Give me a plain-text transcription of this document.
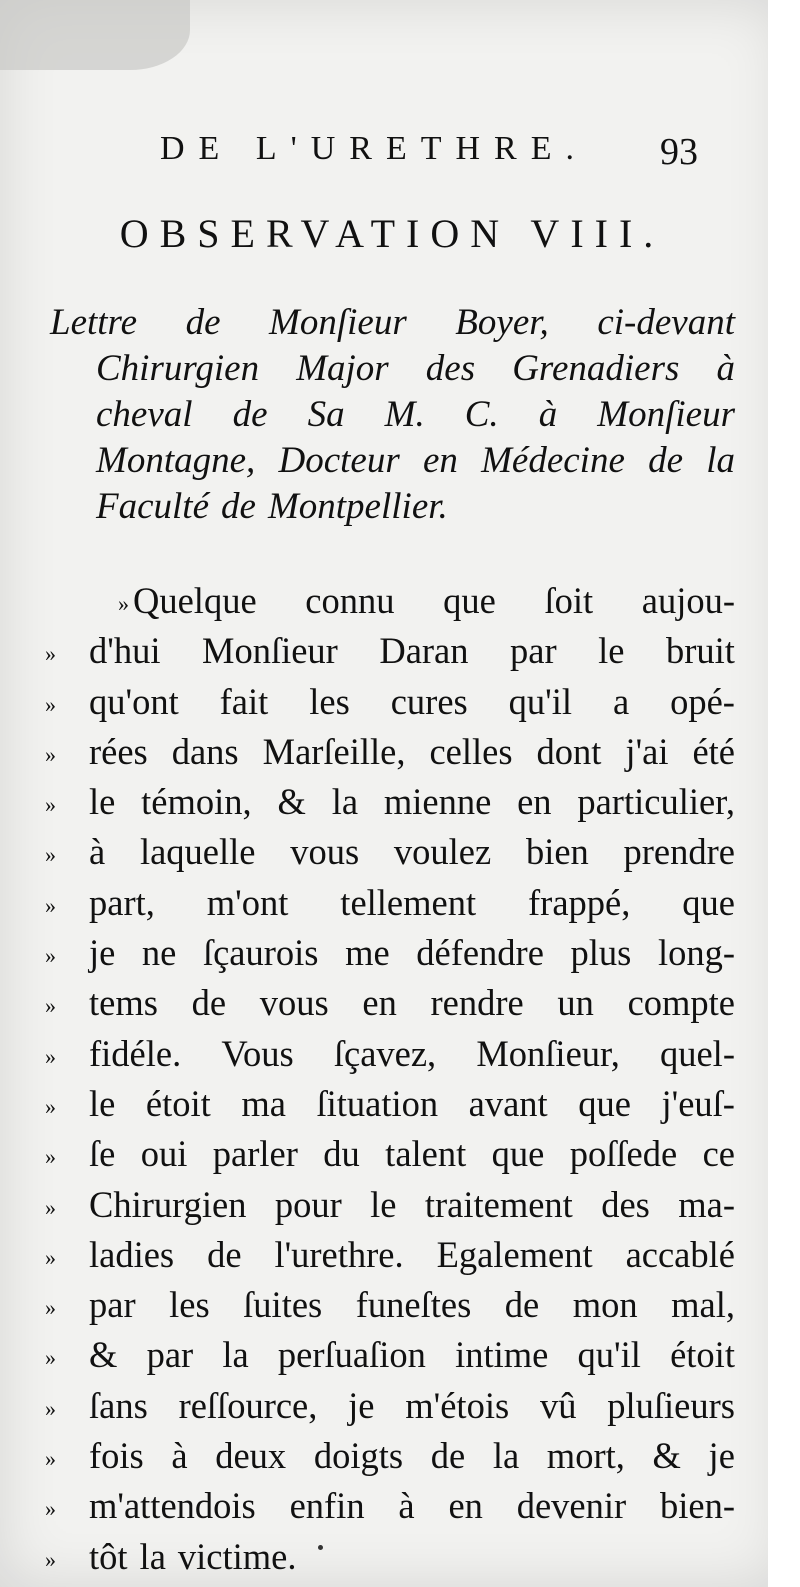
DE L'URETHRE. 93
OBSERVATION VIII.
Lettre de Monſieur Boyer, ci-devant
Chirurgien Major des Grenadiers à
cheval de Sa M. C. à Monſieur
Montagne, Docteur en Médecine de la
Faculté de Montpellier.
» Quelque connu que ſoit aujou-
» d'hui Monſieur Daran par le bruit
» qu'ont fait les cures qu'il a opé-
» rées dans Marſeille, celles dont j'ai été
» le témoin, & la mienne en particulier,
» à laquelle vous voulez bien prendre
» part, m'ont tellement frappé, que
» je ne ſçaurois me défendre plus long-
» tems de vous en rendre un compte
» fidéle. Vous ſçavez, Monſieur, quel-
» le étoit ma ſituation avant que j'euſ-
» ſe oui parler du talent que poſſede ce
» Chirurgien pour le traitement des ma-
» ladies de l'urethre. Egalement accablé
» par les ſuites funeſtes de mon mal,
» & par la perſuaſion intime qu'il étoit
» ſans reſſource, je m'étois vû pluſieurs
» fois à deux doigts de la mort, & je
» m'attendois enfin à en devenir bien-
» tôt la victime.
